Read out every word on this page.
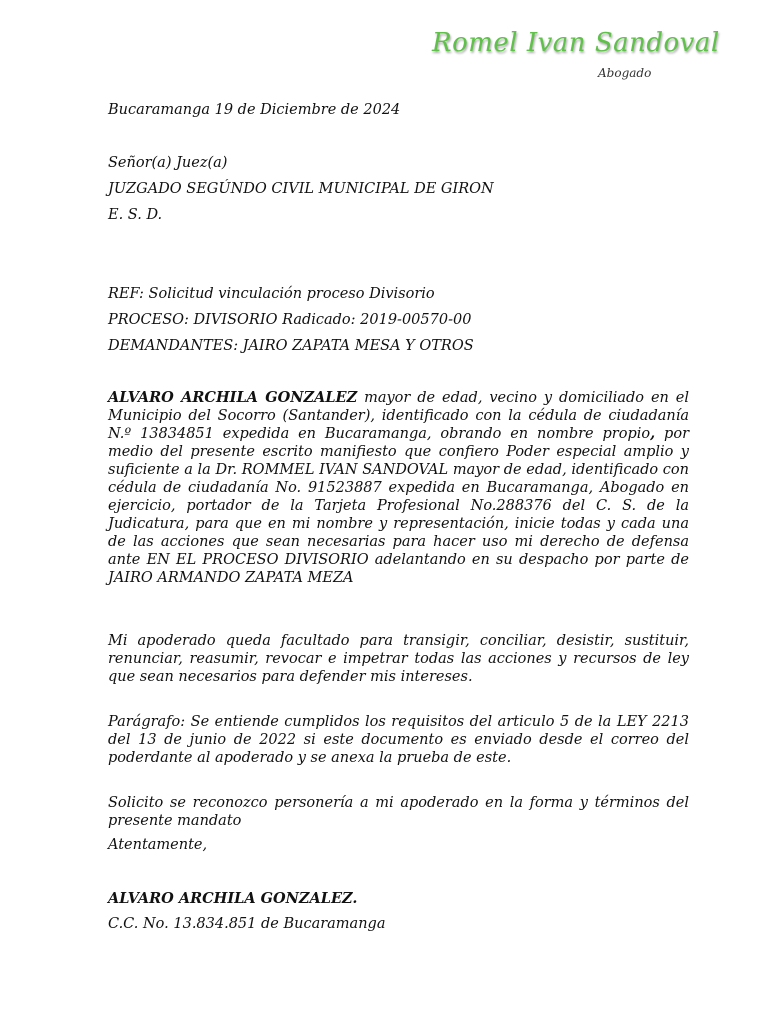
Romel Ivan Sandoval
Abogado
Bucaramanga 19 de Diciembre de 2024
Señor(a) Juez(a)
JUZGADO SEGÚNDO CIVIL MUNICIPAL DE GIRON
E. S. D.
REF: Solicitud vinculación proceso Divisorio
PROCESO: DIVISORIO Radicado: 2019-00570-00
DEMANDANTES: JAIRO ZAPATA MESA Y OTROS

ALVARO ARCHILA GONZALEZ mayor de edad, vecino y domiciliado en el Municipio del Socorro (Santander), identificado con la cédula de ciudadanía N.º 13834851 expedida en Bucaramanga, obrando en nombre propio, por medio del presente escrito manifiesto que confiero Poder especial amplio y suficiente a la Dr. ROMMEL IVAN SANDOVAL mayor de edad, identificado con cédula de ciudadanía No. 91523887 expedida en Bucaramanga, Abogado en ejercicio, portador de la Tarjeta Profesional No.288376 del C. S. de la Judicatura, para que en mi nombre y representación, inicie todas y cada una de las acciones que sean necesarias para hacer uso mi derecho de defensa ante EN EL PROCESO DIVISORIO adelantando en su despacho por parte de JAIRO ARMANDO ZAPATA MEZA

Mi apoderado queda facultado para transigir, conciliar, desistir, sustituir, renunciar, reasumir, revocar e impetrar todas las acciones y recursos de ley que sean necesarios para defender mis intereses.

Parágrafo: Se entiende cumplidos los requisitos del articulo 5 de la LEY 2213 del 13 de junio de 2022 si este documento es enviado desde el correo del poderdante al apoderado y se anexa la prueba de este.

Solicito se reconozco personería a mi apoderado en la forma y términos del presente mandato

Atentamente,
ALVARO ARCHILA GONZALEZ.
C.C. No. 13.834.851 de Bucaramanga
